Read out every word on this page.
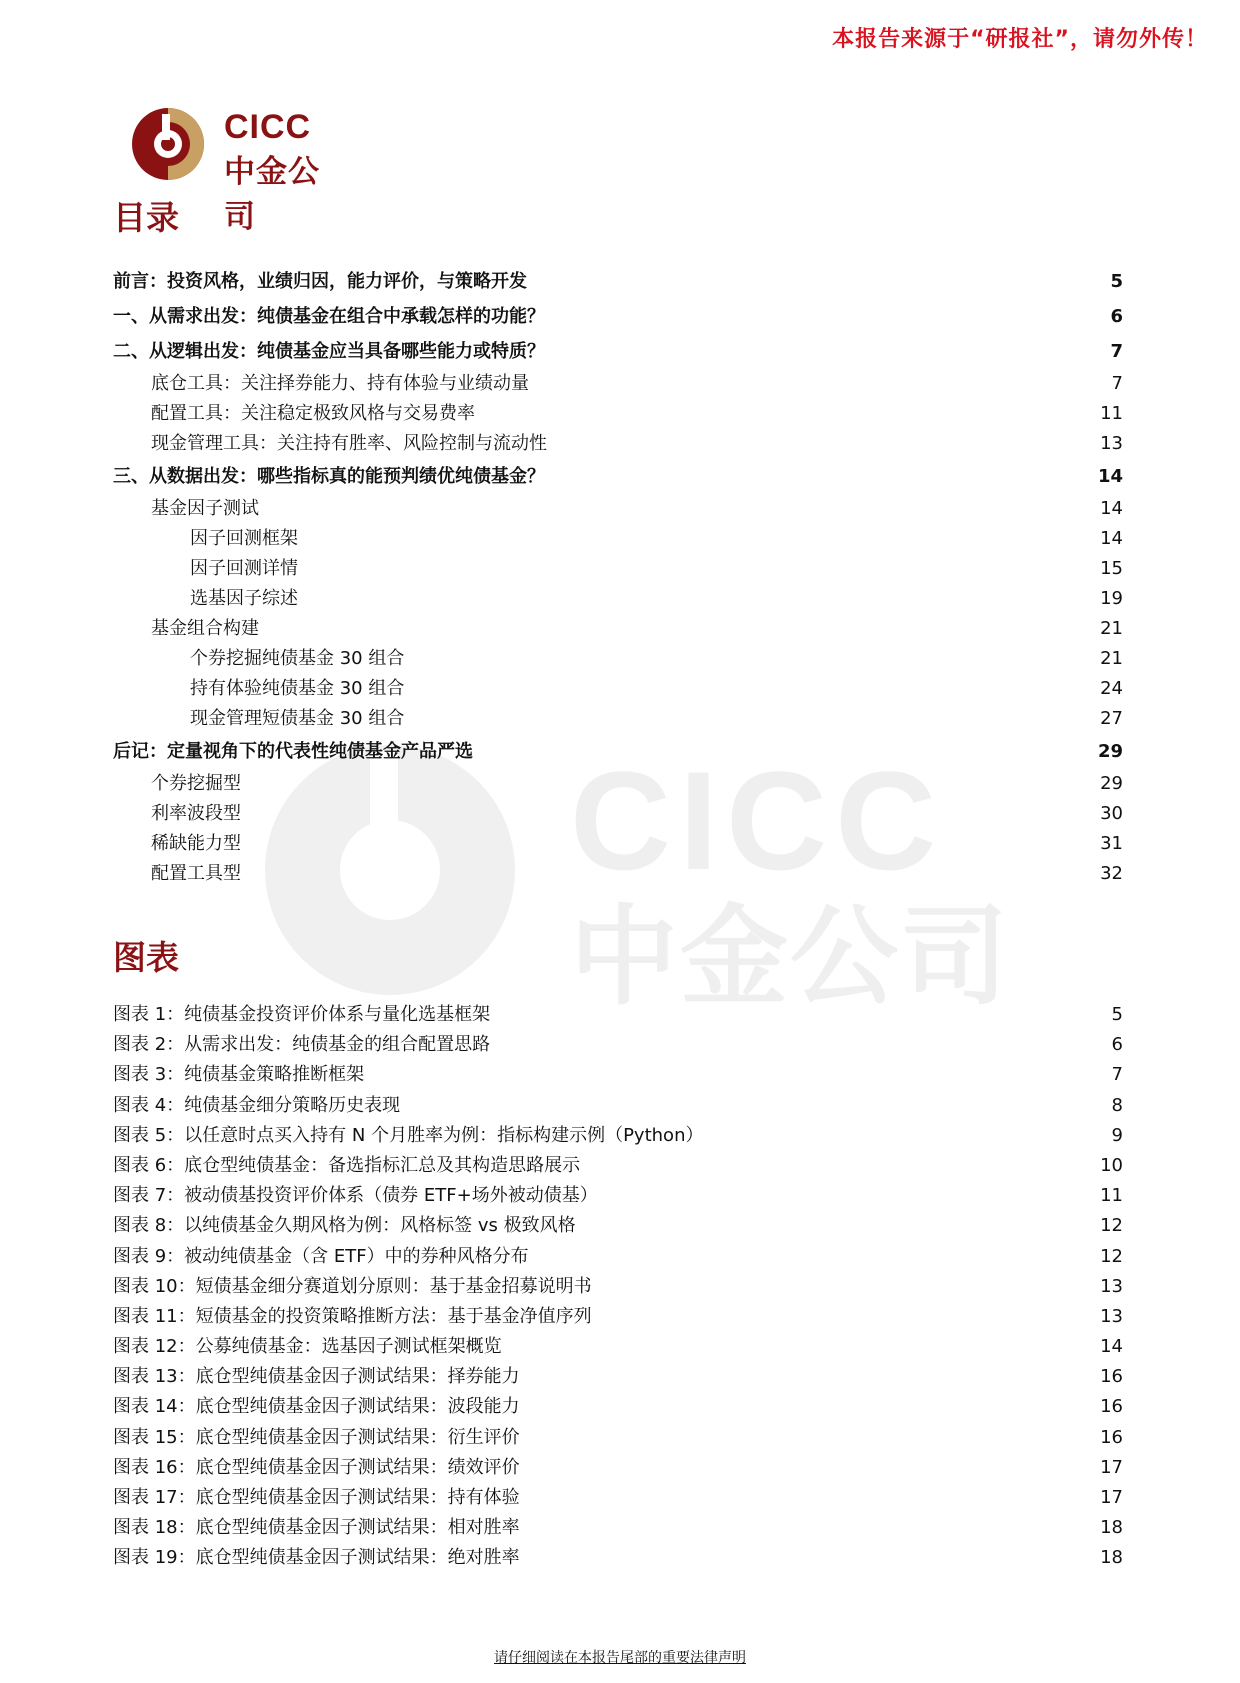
本报告来源于“研报社”，请勿外传！
CICC
中金公司
CICC
中金公司
目录
前言：投资风格，业绩归因，能力评价，与策略开发	5
一、从需求出发：纯债基金在组合中承载怎样的功能？	6
二、从逻辑出发：纯债基金应当具备哪些能力或特质？	7
底仓工具：关注择券能力、持有体验与业绩动量	7
配置工具：关注稳定极致风格与交易费率	11
现金管理工具：关注持有胜率、风险控制与流动性	13
三、从数据出发：哪些指标真的能预判绩优纯债基金？	14
基金因子测试	14
因子回测框架	14
因子回测详情	15
选基因子综述	19
基金组合构建	21
个券挖掘纯债基金 30 组合	21
持有体验纯债基金 30 组合	24
现金管理短债基金 30 组合	27
后记：定量视角下的代表性纯债基金产品严选	29
个券挖掘型	29
利率波段型	30
稀缺能力型	31
配置工具型	32
图表
图表 1：纯债基金投资评价体系与量化选基框架	5
图表 2：从需求出发：纯债基金的组合配置思路	6
图表 3：纯债基金策略推断框架	7
图表 4：纯债基金细分策略历史表现	8
图表 5：以任意时点买入持有 N 个月胜率为例：指标构建示例（Python）	9
图表 6：底仓型纯债基金：备选指标汇总及其构造思路展示	10
图表 7：被动债基投资评价体系（债券 ETF+场外被动债基）	11
图表 8：以纯债基金久期风格为例：风格标签 vs 极致风格	12
图表 9：被动纯债基金（含 ETF）中的券种风格分布	12
图表 10：短债基金细分赛道划分原则：基于基金招募说明书	13
图表 11：短债基金的投资策略推断方法：基于基金净值序列	13
图表 12：公募纯债基金：选基因子测试框架概览	14
图表 13：底仓型纯债基金因子测试结果：择券能力	16
图表 14：底仓型纯债基金因子测试结果：波段能力	16
图表 15：底仓型纯债基金因子测试结果：衍生评价	16
图表 16：底仓型纯债基金因子测试结果：绩效评价	17
图表 17：底仓型纯债基金因子测试结果：持有体验	17
图表 18：底仓型纯债基金因子测试结果：相对胜率	18
图表 19：底仓型纯债基金因子测试结果：绝对胜率	18
请仔细阅读在本报告尾部的重要法律声明
